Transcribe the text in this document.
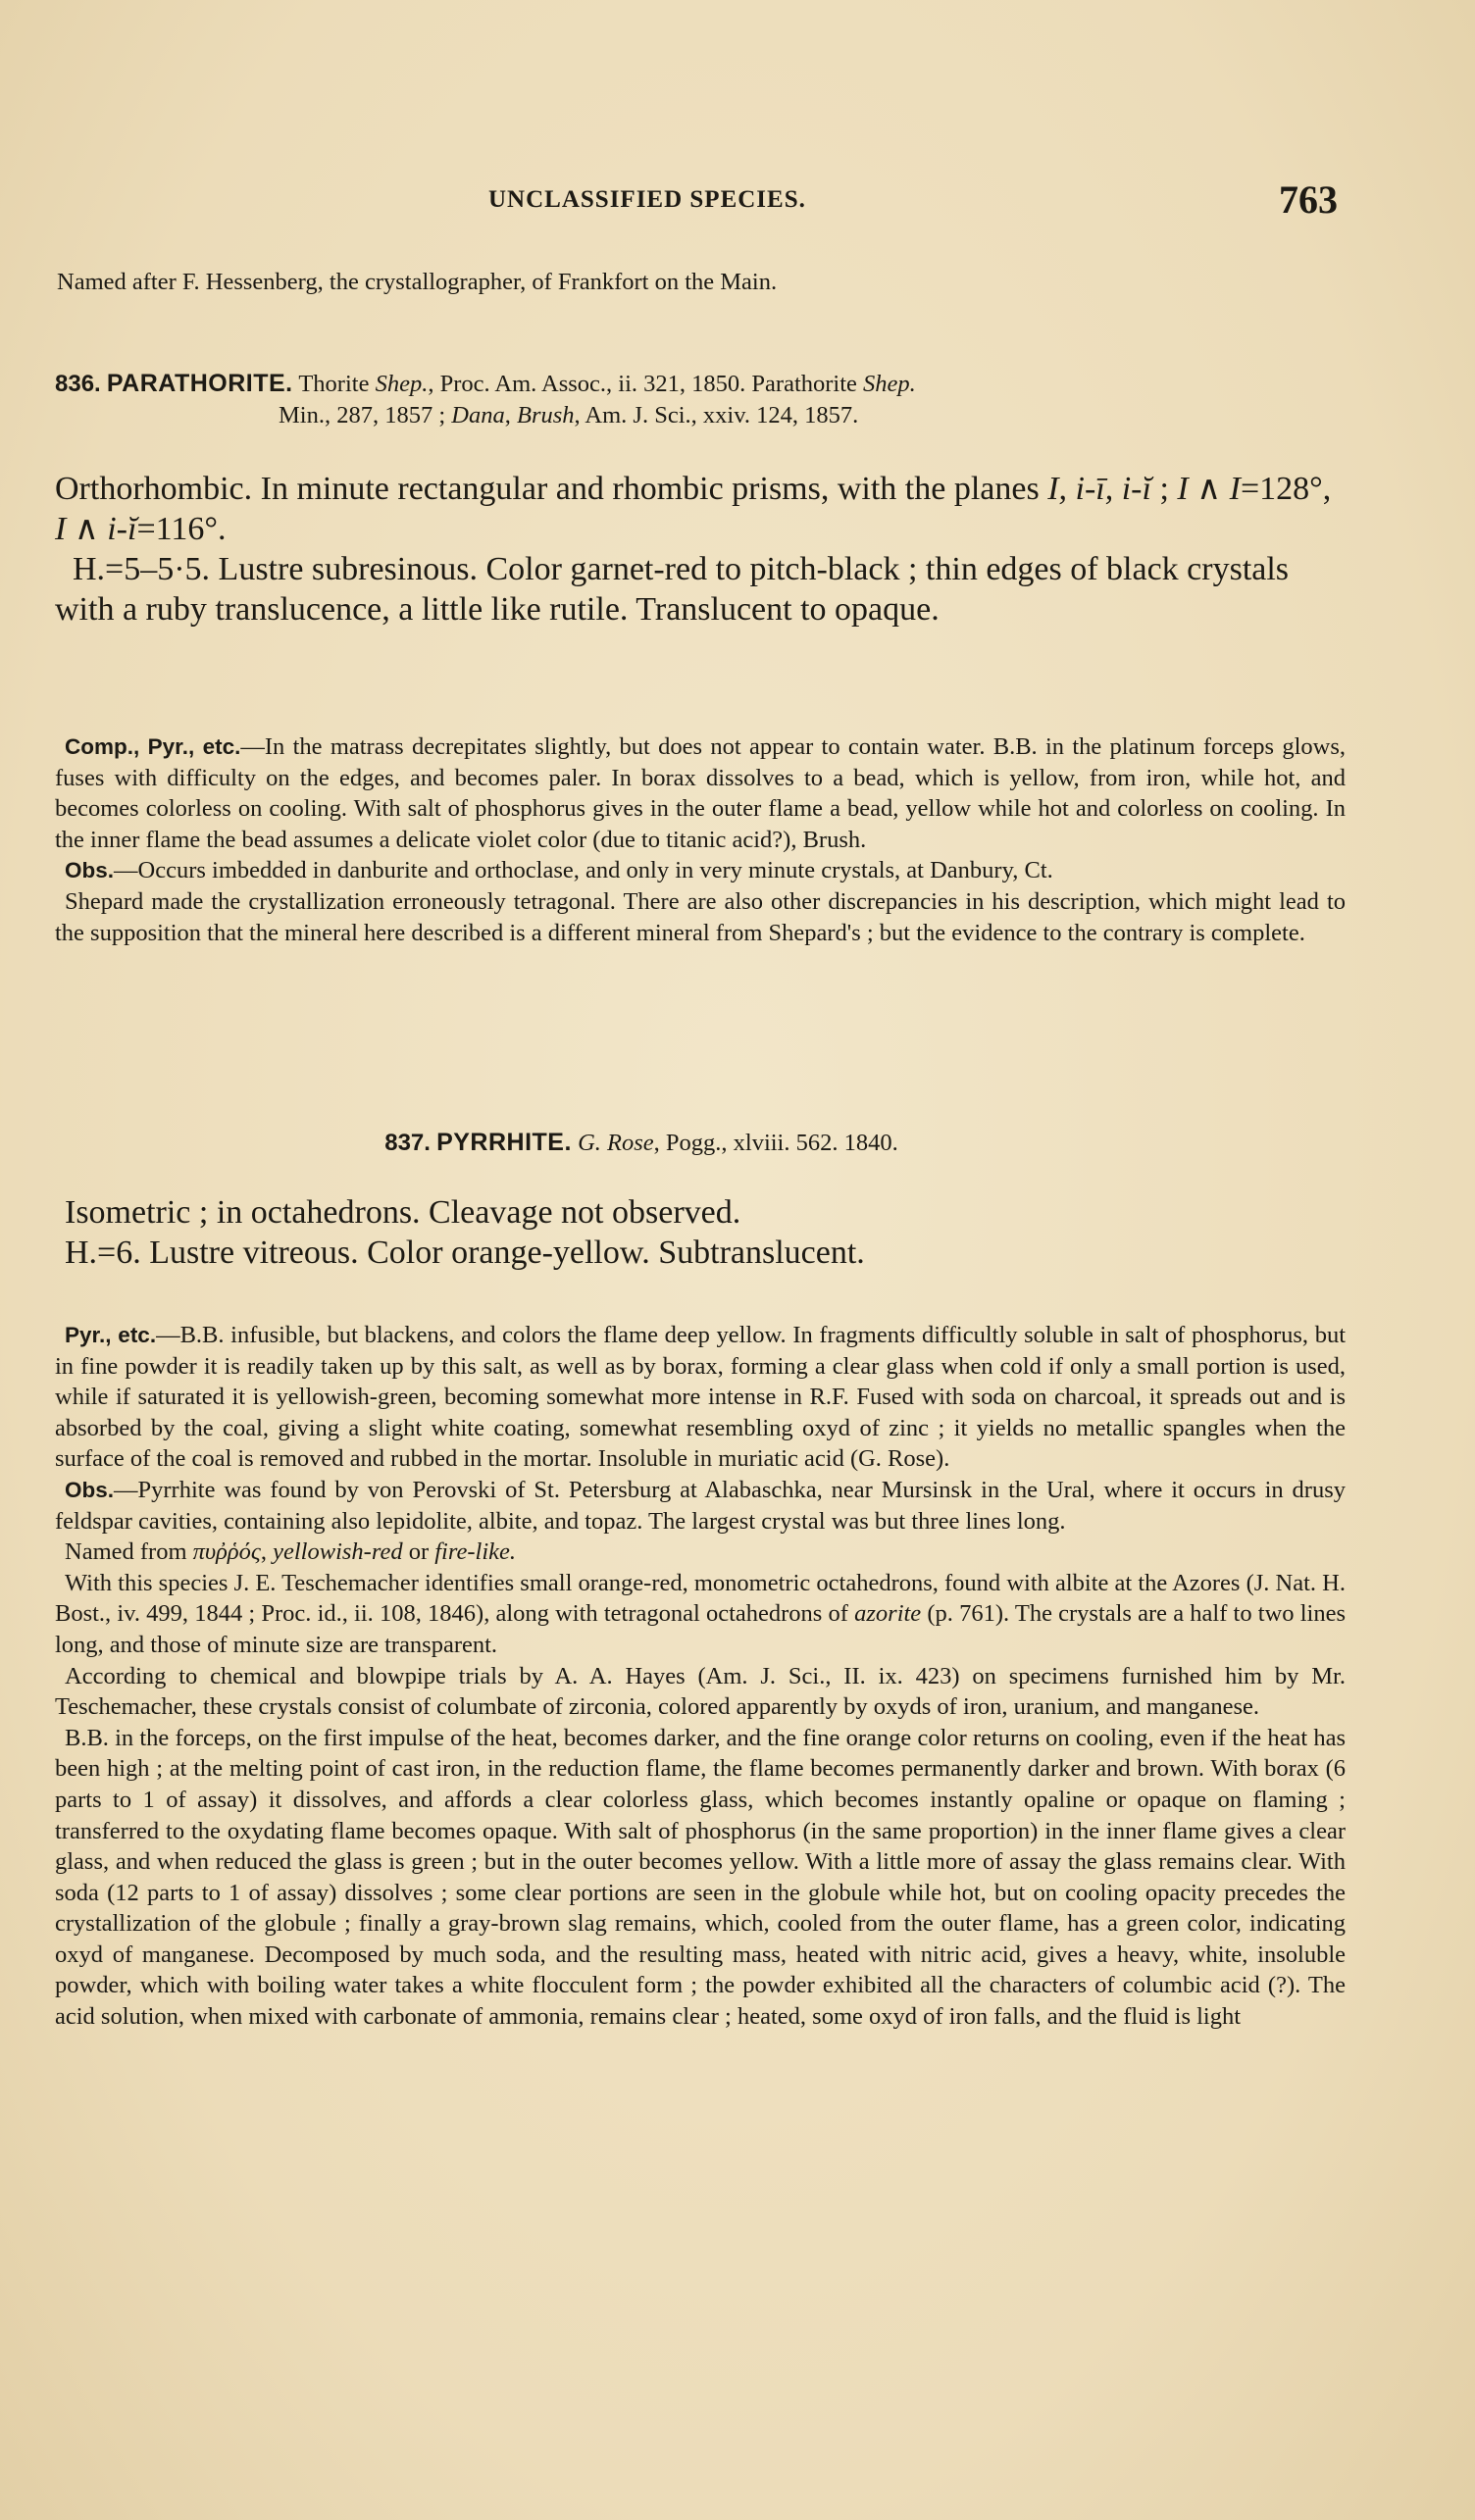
UNCLASSIFIED SPECIES.	763

Named after F. Hessenberg, the crystallographer, of Frankfort on the Main.

836. PARATHORITE. Thorite Shep., Proc. Am. Assoc., ii. 321, 1850. Parathorite Shep.

Min., 287, 1857 ; Dana, Brush, Am. J. Sci., xxiv. 124, 1857.

Orthorhombic. In minute rectangular and rhombic prisms, with the planes I, i-ī, i-ĭ ; I ∧ I=128°, I ∧ i-ĭ=116°.

H.=5–5·5. Lustre subresinous. Color garnet-red to pitch-black ; thin edges of black crystals with a ruby translucence, a little like rutile. Translucent to opaque.

Comp., Pyr., etc.—In the matrass decrepitates slightly, but does not appear to contain water. B.B. in the platinum forceps glows, fuses with difficulty on the edges, and becomes paler. In borax dissolves to a bead, which is yellow, from iron, while hot, and becomes colorless on cooling. With salt of phosphorus gives in the outer flame a bead, yellow while hot and colorless on cooling. In the inner flame the bead assumes a delicate violet color (due to titanic acid?), Brush.

Obs.—Occurs imbedded in danburite and orthoclase, and only in very minute crystals, at Danbury, Ct.

Shepard made the crystallization erroneously tetragonal. There are also other discrepancies in his description, which might lead to the supposition that the mineral here described is a different mineral from Shepard's ; but the evidence to the contrary is complete.

837. PYRRHITE. G. Rose, Pogg., xlviii. 562. 1840.

Isometric ; in octahedrons. Cleavage not observed.

H.=6. Lustre vitreous. Color orange-yellow. Subtranslucent.

Pyr., etc.—B.B. infusible, but blackens, and colors the flame deep yellow. In fragments difficultly soluble in salt of phosphorus, but in fine powder it is readily taken up by this salt, as well as by borax, forming a clear glass when cold if only a small portion is used, while if saturated it is yellowish-green, becoming somewhat more intense in R.F. Fused with soda on charcoal, it spreads out and is absorbed by the coal, giving a slight white coating, somewhat resembling oxyd of zinc ; it yields no metallic spangles when the surface of the coal is removed and rubbed in the mortar. Insoluble in muriatic acid (G. Rose).

Obs.—Pyrrhite was found by von Perovski of St. Petersburg at Alabaschka, near Mursinsk in the Ural, where it occurs in drusy feldspar cavities, containing also lepidolite, albite, and topaz. The largest crystal was but three lines long.

Named from πυῤῥός, yellowish-red or fire-like.

With this species J. E. Teschemacher identifies small orange-red, monometric octahedrons, found with albite at the Azores (J. Nat. H. Bost., iv. 499, 1844 ; Proc. id., ii. 108, 1846), along with tetragonal octahedrons of azorite (p. 761). The crystals are a half to two lines long, and those of minute size are transparent.

According to chemical and blowpipe trials by A. A. Hayes (Am. J. Sci., II. ix. 423) on specimens furnished him by Mr. Teschemacher, these crystals consist of columbate of zirconia, colored apparently by oxyds of iron, uranium, and manganese.

B.B. in the forceps, on the first impulse of the heat, becomes darker, and the fine orange color returns on cooling, even if the heat has been high ; at the melting point of cast iron, in the reduction flame, the flame becomes permanently darker and brown. With borax (6 parts to 1 of assay) it dissolves, and affords a clear colorless glass, which becomes instantly opaline or opaque on flaming ; transferred to the oxydating flame becomes opaque. With salt of phosphorus (in the same proportion) in the inner flame gives a clear glass, and when reduced the glass is green ; but in the outer becomes yellow. With a little more of assay the glass remains clear. With soda (12 parts to 1 of assay) dissolves ; some clear portions are seen in the globule while hot, but on cooling opacity precedes the crystallization of the globule ; finally a gray-brown slag remains, which, cooled from the outer flame, has a green color, indicating oxyd of manganese. Decomposed by much soda, and the resulting mass, heated with nitric acid, gives a heavy, white, insoluble powder, which with boiling water takes a white flocculent form ; the powder exhibited all the characters of columbic acid (?). The acid solution, when mixed with carbonate of ammonia, remains clear ; heated, some oxyd of iron falls, and the fluid is light
